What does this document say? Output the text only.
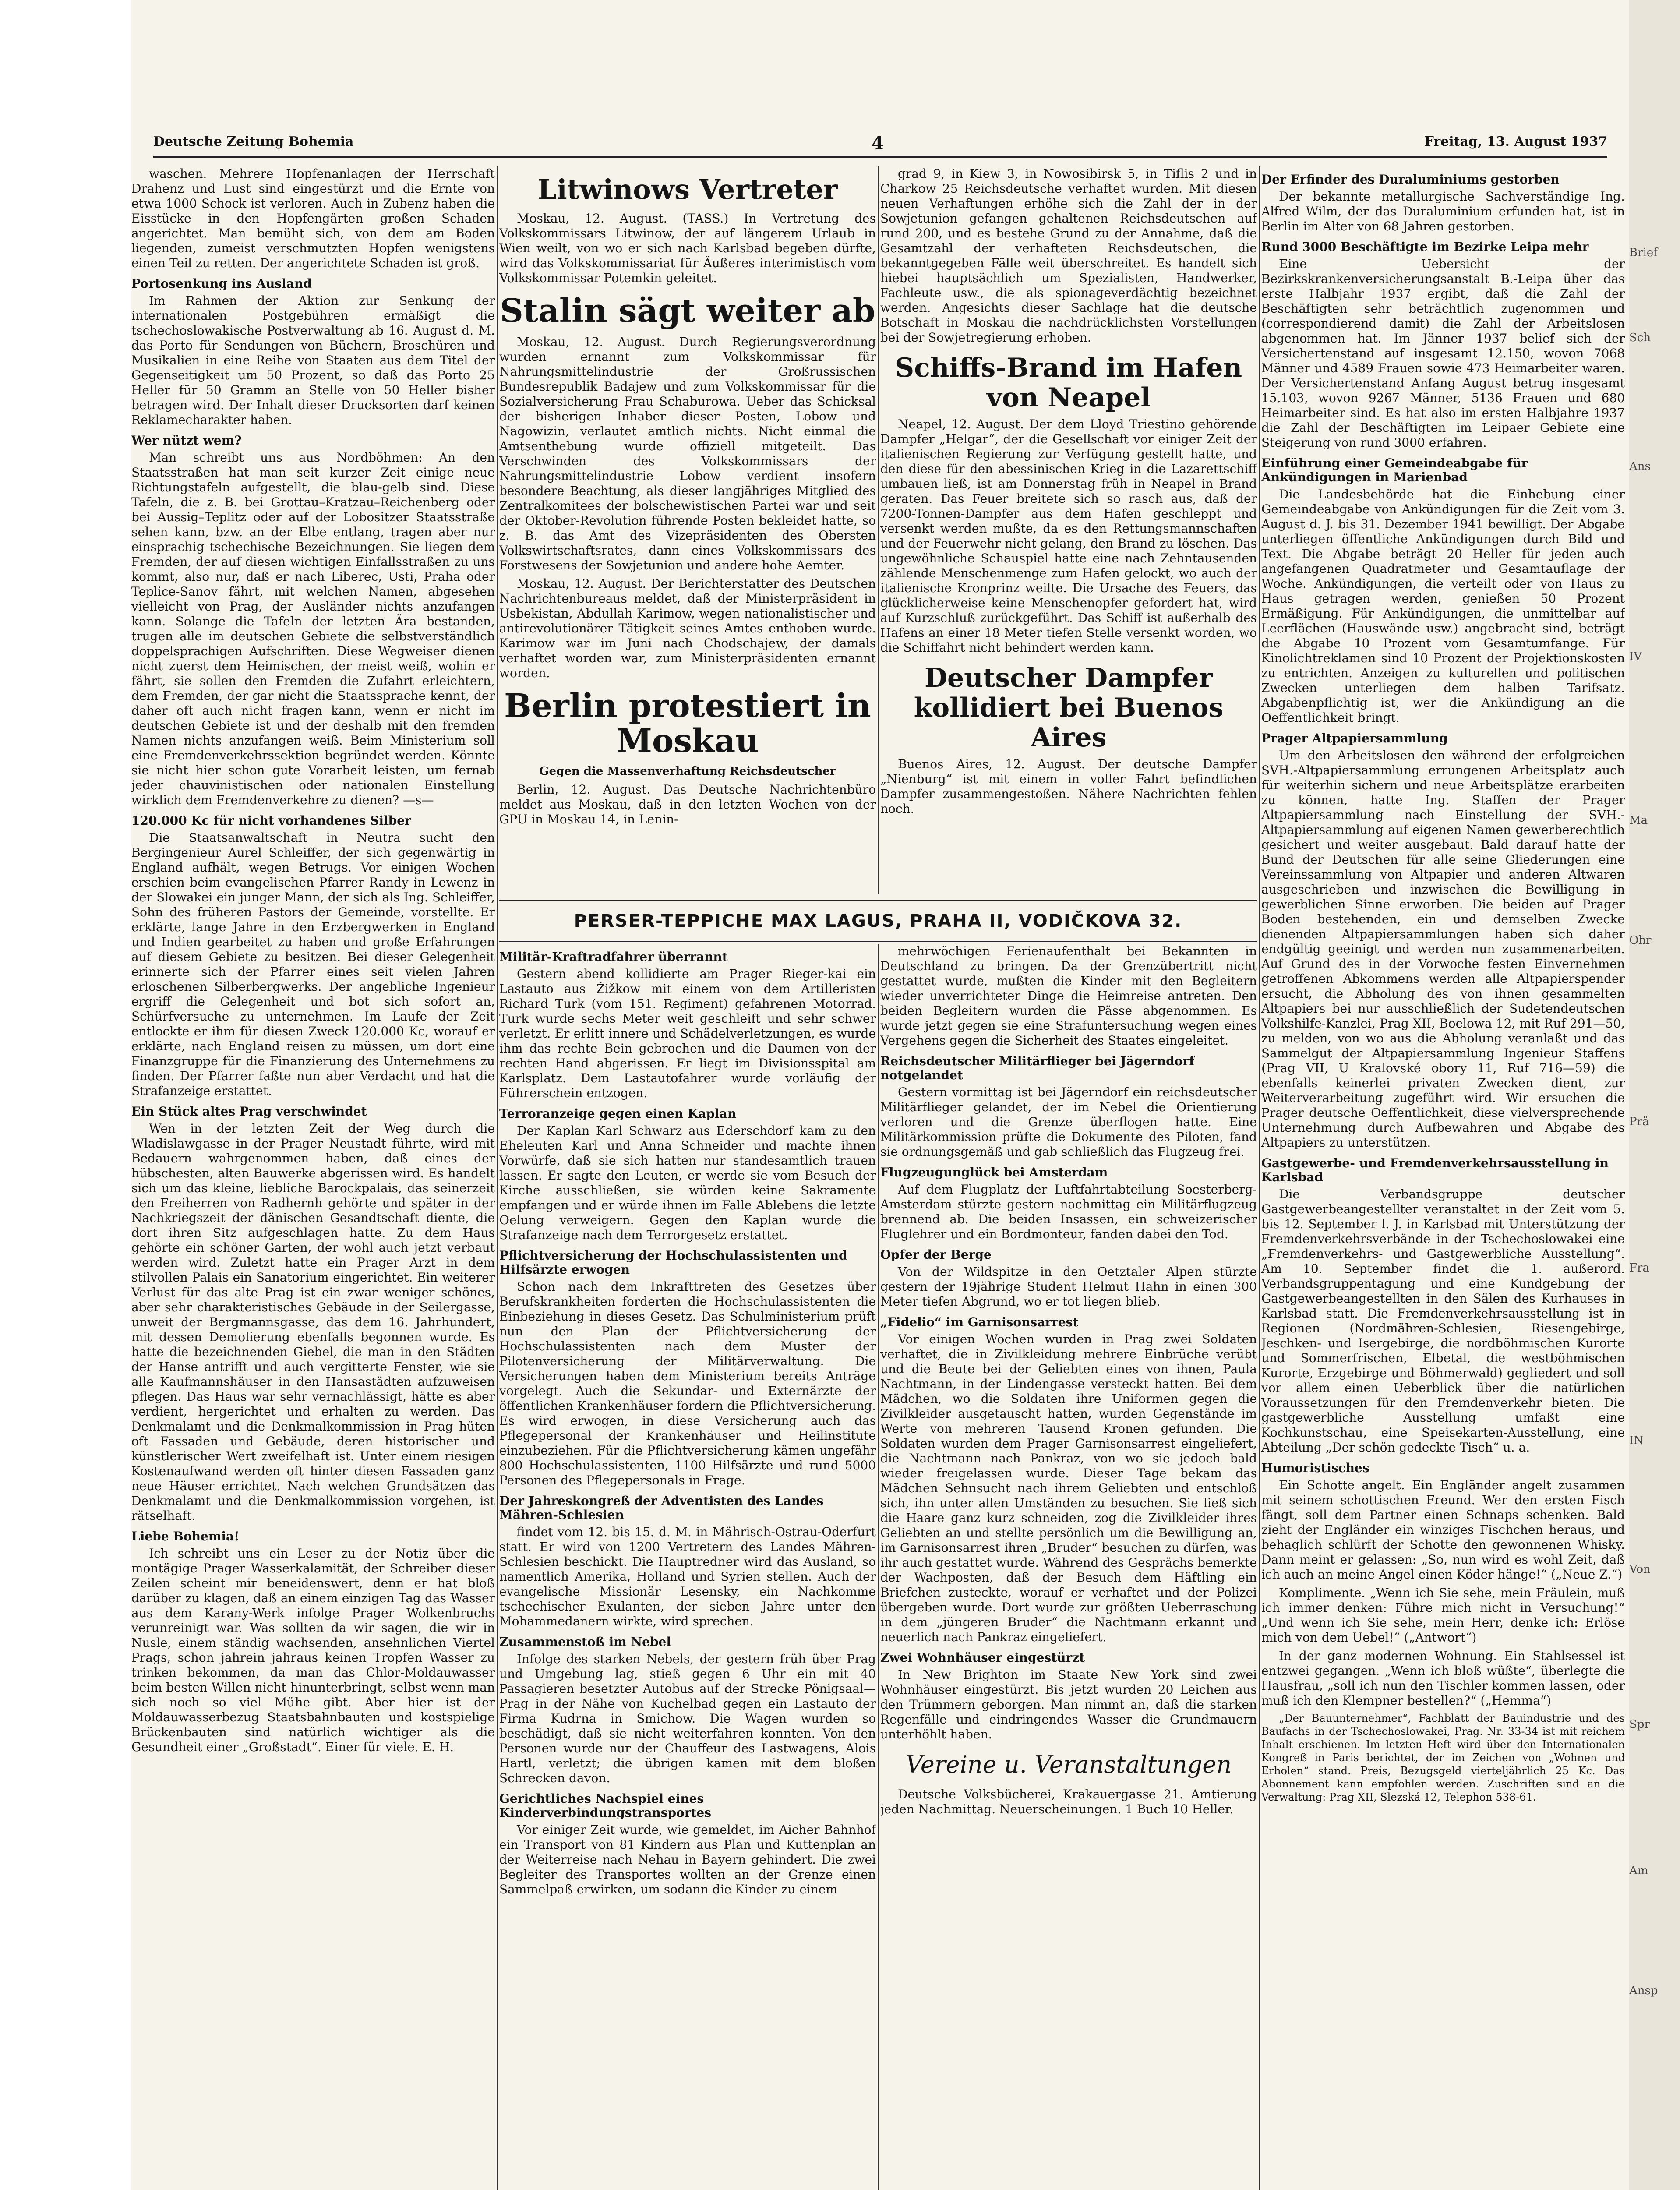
Deutsche Zeitung Bohemia	4	Freitag, 13. August 1937

waschen. Mehrere Hopfenanlagen der Herrschaft Drahenz und Lust sind eingestürzt und die Ernte von etwa 1000 Schock ist verloren. Auch in Zubenz haben die Eisstücke in den Hopfengärten großen Schaden angerichtet. Man bemüht sich, von dem am Boden liegenden, zumeist verschmutzten Hopfen wenigstens einen Teil zu retten. Der angerichtete Schaden ist groß.

Portosenkung ins Ausland

Im Rahmen der Aktion zur Senkung der internationalen Postgebühren ermäßigt die tschechoslowakische Postverwaltung ab 16. August d. M. das Porto für Sendungen von Büchern, Broschüren und Musikalien in eine Reihe von Staaten aus dem Titel der Gegenseitigkeit um 50 Prozent, so daß das Porto 25 Heller für 50 Gramm an Stelle von 50 Heller bisher betragen wird. Der Inhalt dieser Drucksorten darf keinen Reklamecharakter haben.

Wer nützt wem?

Man schreibt uns aus Nordböhmen: An den Staatsstraßen hat man seit kurzer Zeit einige neue Richtungstafeln aufgestellt, die blau-gelb sind. Diese Tafeln, die z. B. bei Grottau–Kratzau–Reichenberg oder bei Aussig–Teplitz oder auf der Lobositzer Staatsstraße sehen kann, bzw. an der Elbe entlang, tragen aber nur einsprachig tschechische Bezeichnungen. Sie liegen dem Fremden, der auf diesen wichtigen Einfallsstraßen zu uns kommt, also nur, daß er nach Liberec, Usti, Praha oder Teplice-Sanov fährt, mit welchen Namen, abgesehen vielleicht von Prag, der Ausländer nichts anzufangen kann. Solange die Tafeln der letzten Ära bestanden, trugen alle im deutschen Gebiete die selbstverständlich doppelsprachigen Aufschriften. Diese Wegweiser dienen nicht zuerst dem Heimischen, der meist weiß, wohin er fährt, sie sollen den Fremden die Zufahrt erleichtern, dem Fremden, der gar nicht die Staatssprache kennt, der daher oft auch nicht fragen kann, wenn er nicht im deutschen Gebiete ist und der deshalb mit den fremden Namen nichts anzufangen weiß. Beim Ministerium soll eine Fremdenverkehrssektion begründet werden. Könnte sie nicht hier schon gute Vorarbeit leisten, um fernab jeder chauvinistischen oder nationalen Einstellung wirklich dem Fremdenverkehre zu dienen? —s—

120.000 Kc für nicht vorhandenes Silber

Die Staatsanwaltschaft in Neutra sucht den Bergingenieur Aurel Schleiffer, der sich gegenwärtig in England aufhält, wegen Betrugs. Vor einigen Wochen erschien beim evangelischen Pfarrer Randy in Lewenz in der Slowakei ein junger Mann, der sich als Ing. Schleiffer, Sohn des früheren Pastors der Gemeinde, vorstellte. Er erklärte, lange Jahre in den Erzbergwerken in England und Indien gearbeitet zu haben und große Erfahrungen auf diesem Gebiete zu besitzen. Bei dieser Gelegenheit erinnerte sich der Pfarrer eines seit vielen Jahren erloschenen Silberbergwerks. Der angebliche Ingenieur ergriff die Gelegenheit und bot sich sofort an, Schürfversuche zu unternehmen. Im Laufe der Zeit entlockte er ihm für diesen Zweck 120.000 Kc, worauf er erklärte, nach England reisen zu müssen, um dort eine Finanzgruppe für die Finanzierung des Unternehmens zu finden. Der Pfarrer faßte nun aber Verdacht und hat die Strafanzeige erstattet.

Ein Stück altes Prag verschwindet

Wen in der letzten Zeit der Weg durch die Wladislawgasse in der Prager Neustadt führte, wird mit Bedauern wahrgenommen haben, daß eines der hübschesten, alten Bauwerke abgerissen wird. Es handelt sich um das kleine, liebliche Barockpalais, das seinerzeit den Freiherren von Radhernh gehörte und später in der Nachkriegszeit der dänischen Gesandtschaft diente, die dort ihren Sitz aufgeschlagen hatte. Zu dem Haus gehörte ein schöner Garten, der wohl auch jetzt verbaut werden wird. Zuletzt hatte ein Prager Arzt in dem stilvollen Palais ein Sanatorium eingerichtet. Ein weiterer Verlust für das alte Prag ist ein zwar weniger schönes, aber sehr charakteristisches Gebäude in der Seilergasse, unweit der Bergmannsgasse, das dem 16. Jahrhundert, mit dessen Demolierung ebenfalls begonnen wurde. Es hatte die bezeichnenden Giebel, die man in den Städten der Hanse antrifft und auch vergitterte Fenster, wie sie alle Kaufmannshäuser in den Hansastädten aufzuweisen pflegen. Das Haus war sehr vernachlässigt, hätte es aber verdient, hergerichtet und erhalten zu werden. Das Denkmalamt und die Denkmalkommission in Prag hüten oft Fassaden und Gebäude, deren historischer und künstlerischer Wert zweifelhaft ist. Unter einem riesigen Kostenaufwand werden oft hinter diesen Fassaden ganz neue Häuser errichtet. Nach welchen Grundsätzen das Denkmalamt und die Denkmalkommission vorgehen, ist rätselhaft.

Liebe Bohemia!

Ich schreibt uns ein Leser zu der Notiz über die montägige Prager Wasserkalamität, der Schreiber dieser Zeilen scheint mir beneidenswert, denn er hat bloß darüber zu klagen, daß an einem einzigen Tag das Wasser aus dem Karany-Werk infolge Prager Wolkenbruchs verunreinigt war. Was sollten da wir sagen, die wir in Nusle, einem ständig wachsenden, ansehnlichen Viertel Prags, schon jahrein jahraus keinen Tropfen Wasser zu trinken bekommen, da man das Chlor-Moldauwasser beim besten Willen nicht hinunterbringt, selbst wenn man sich noch so viel Mühe gibt. Aber hier ist der Moldauwasserbezug Staatsbahnbauten und kostspielige Brückenbauten sind natürlich wichtiger als die Gesundheit einer „Großstadt“. Einer für viele. E. H.

Litwinows Vertreter

Moskau, 12. August. (TASS.) In Vertretung des Volkskommissars Litwinow, der auf längerem Urlaub in Wien weilt, von wo er sich nach Karlsbad begeben dürfte, wird das Volkskommissariat für Äußeres interimistisch vom Volkskommissar Potemkin geleitet.

Stalin sägt weiter ab

Moskau, 12. August. Durch Regierungsverordnung wurden ernannt zum Volkskommissar für Nahrungsmittelindustrie der Großrussischen Bundesrepublik Badajew und zum Volkskommissar für die Sozialversicherung Frau Schaburowa. Ueber das Schicksal der bisherigen Inhaber dieser Posten, Lobow und Nagowizin, verlautet amtlich nichts. Nicht einmal die Amtsenthebung wurde offiziell mitgeteilt. Das Verschwinden des Volkskommissars der Nahrungsmittelindustrie Lobow verdient insofern besondere Beachtung, als dieser langjähriges Mitglied des Zentralkomitees der bolschewistischen Partei war und seit der Oktober-Revolution führende Posten bekleidet hatte, so z. B. das Amt des Vizepräsidenten des Obersten Volkswirtschaftsrates, dann eines Volkskommissars des Forstwesens der Sowjetunion und andere hohe Aemter.

Moskau, 12. August. Der Berichterstatter des Deutschen Nachrichtenbureaus meldet, daß der Ministerpräsident in Usbekistan, Abdullah Karimow, wegen nationalistischer und antirevolutionärer Tätigkeit seines Amtes enthoben wurde. Karimow war im Juni nach Chodschajew, der damals verhaftet worden war, zum Ministerpräsidenten ernannt worden.

Berlin protestiert in Moskau
Gegen die Massenverhaftung Reichsdeutscher

Berlin, 12. August. Das Deutsche Nachrichtenbüro meldet aus Moskau, daß in den letzten Wochen von der GPU in Moskau 14, in Lenin-

grad 9, in Kiew 3, in Nowosibirsk 5, in Tiflis 2 und in Charkow 25 Reichsdeutsche verhaftet wurden. Mit diesen neuen Verhaftungen erhöhe sich die Zahl der in der Sowjetunion gefangen gehaltenen Reichsdeutschen auf rund 200, und es bestehe Grund zu der Annahme, daß die Gesamtzahl der verhafteten Reichsdeutschen, die bekanntgegeben Fälle weit überschreitet. Es handelt sich hiebei hauptsächlich um Spezialisten, Handwerker, Fachleute usw., die als spionageverdächtig bezeichnet werden. Angesichts dieser Sachlage hat die deutsche Botschaft in Moskau die nachdrücklichsten Vorstellungen bei der Sowjetregierung erhoben.

Schiffs-Brand im Hafen von Neapel

Neapel, 12. August. Der dem Lloyd Triestino gehörende Dampfer „Helgar“, der die Gesellschaft vor einiger Zeit der italienischen Regierung zur Verfügung gestellt hatte, und den diese für den abessinischen Krieg in die Lazarettschiff umbauen ließ, ist am Donnerstag früh in Neapel in Brand geraten. Das Feuer breitete sich so rasch aus, daß der 7200-Tonnen-Dampfer aus dem Hafen geschleppt und versenkt werden mußte, da es den Rettungsmannschaften und der Feuerwehr nicht gelang, den Brand zu löschen. Das ungewöhnliche Schauspiel hatte eine nach Zehntausenden zählende Menschenmenge zum Hafen gelockt, wo auch der italienische Kronprinz weilte. Die Ursache des Feuers, das glücklicherweise keine Menschenopfer gefordert hat, wird auf Kurzschluß zurückgeführt. Das Schiff ist außerhalb des Hafens an einer 18 Meter tiefen Stelle versenkt worden, wo die Schiffahrt nicht behindert werden kann.

Deutscher Dampfer kollidiert bei Buenos Aires

Buenos Aires, 12. August. Der deutsche Dampfer „Nienburg“ ist mit einem in voller Fahrt befindlichen Dampfer zusammengestoßen. Nähere Nachrichten fehlen noch.

PERSER-TEPPICHE MAX LAGUS, PRAHA II, VODIČKOVA 32.
Militär-Kraftradfahrer überrannt

Gestern abend kollidierte am Prager Rieger-kai ein Lastauto aus Žižkow mit einem von dem Artilleristen Richard Turk (vom 151. Regiment) gefahrenen Motorrad. Turk wurde sechs Meter weit geschleift und sehr schwer verletzt. Er erlitt innere und Schädelverletzungen, es wurde ihm das rechte Bein gebrochen und die Daumen von der rechten Hand abgerissen. Er liegt im Divisionsspital am Karlsplatz. Dem Lastautofahrer wurde vorläufig der Führerschein entzogen.

Terroranzeige gegen einen Kaplan

Der Kaplan Karl Schwarz aus Ederschdorf kam zu den Eheleuten Karl und Anna Schneider und machte ihnen Vorwürfe, daß sie sich hatten nur standesamtlich trauen lassen. Er sagte den Leuten, er werde sie vom Besuch der Kirche ausschließen, sie würden keine Sakramente empfangen und er würde ihnen im Falle Ablebens die letzte Oelung verweigern. Gegen den Kaplan wurde die Strafanzeige nach dem Terrorgesetz erstattet.

Pflichtversicherung der Hochschulassistenten und Hilfsärzte erwogen

Schon nach dem Inkrafttreten des Gesetzes über Berufskrankheiten forderten die Hochschulassistenten die Einbeziehung in dieses Gesetz. Das Schulministerium prüft nun den Plan der Pflichtversicherung der Hochschulassistenten nach dem Muster der Pilotenversicherung der Militärverwaltung. Die Versicherungen haben dem Ministerium bereits Anträge vorgelegt. Auch die Sekundar- und Externärzte der öffentlichen Krankenhäuser fordern die Pflichtversicherung. Es wird erwogen, in diese Versicherung auch das Pflegepersonal der Krankenhäuser und Heilinstitute einzubeziehen. Für die Pflichtversicherung kämen ungefähr 800 Hochschulassistenten, 1100 Hilfsärzte und rund 5000 Personen des Pflegepersonals in Frage.

Der Jahreskongreß der Adventisten des Landes Mähren-Schlesien

findet vom 12. bis 15. d. M. in Mährisch-Ostrau-Oderfurt statt. Er wird von 1200 Vertretern des Landes Mähren-Schlesien beschickt. Die Hauptredner wird das Ausland, so namentlich Amerika, Holland und Syrien stellen. Auch der evangelische Missionär Lesensky, ein Nachkomme tschechischer Exulanten, der sieben Jahre unter den Mohammedanern wirkte, wird sprechen.

Zusammenstoß im Nebel

Infolge des starken Nebels, der gestern früh über Prag und Umgebung lag, stieß gegen 6 Uhr ein mit 40 Passagieren besetzter Autobus auf der Strecke Pönigsaal—Prag in der Nähe von Kuchelbad gegen ein Lastauto der Firma Kudrna in Smichow. Die Wagen wurden so beschädigt, daß sie nicht weiterfahren konnten. Von den Personen wurde nur der Chauffeur des Lastwagens, Alois Hartl, verletzt; die übrigen kamen mit dem bloßen Schrecken davon.

Gerichtliches Nachspiel eines Kinderverbindungstransportes

Vor einiger Zeit wurde, wie gemeldet, im Aicher Bahnhof ein Transport von 81 Kindern aus Plan und Kuttenplan an der Weiterreise nach Nehau in Bayern gehindert. Die zwei Begleiter des Transportes wollten an der Grenze einen Sammelpaß erwirken, um sodann die Kinder zu einem

mehrwöchigen Ferienaufenthalt bei Bekannten in Deutschland zu bringen. Da der Grenzübertritt nicht gestattet wurde, mußten die Kinder mit den Begleitern wieder unverrichteter Dinge die Heimreise antreten. Den beiden Begleitern wurden die Pässe abgenommen. Es wurde jetzt gegen sie eine Strafuntersuchung wegen eines Vergehens gegen die Sicherheit des Staates eingeleitet.

Reichsdeutscher Militärflieger bei Jägerndorf notgelandet

Gestern vormittag ist bei Jägerndorf ein reichsdeutscher Militärflieger gelandet, der im Nebel die Orientierung verloren und die Grenze überflogen hatte. Eine Militärkommission prüfte die Dokumente des Piloten, fand sie ordnungsgemäß und gab schließlich das Flugzeug frei.

Flugzeugunglück bei Amsterdam

Auf dem Flugplatz der Luftfahrtabteilung Soesterberg-Amsterdam stürzte gestern nachmittag ein Militärflugzeug brennend ab. Die beiden Insassen, ein schweizerischer Fluglehrer und ein Bordmonteur, fanden dabei den Tod.

Opfer der Berge

Von der Wildspitze in den Oetztaler Alpen stürzte gestern der 19jährige Student Helmut Hahn in einen 300 Meter tiefen Abgrund, wo er tot liegen blieb.

„Fidelio“ im Garnisonsarrest

Vor einigen Wochen wurden in Prag zwei Soldaten verhaftet, die in Zivilkleidung mehrere Einbrüche verübt und die Beute bei der Geliebten eines von ihnen, Paula Nachtmann, in der Lindengasse versteckt hatten. Bei dem Mädchen, wo die Soldaten ihre Uniformen gegen die Zivilkleider ausgetauscht hatten, wurden Gegenstände im Werte von mehreren Tausend Kronen gefunden. Die Soldaten wurden dem Prager Garnisonsarrest eingeliefert, die Nachtmann nach Pankraz, von wo sie jedoch bald wieder freigelassen wurde. Dieser Tage bekam das Mädchen Sehnsucht nach ihrem Geliebten und entschloß sich, ihn unter allen Umständen zu besuchen. Sie ließ sich die Haare ganz kurz schneiden, zog die Zivilkleider ihres Geliebten an und stellte persönlich um die Bewilligung an, im Garnisonsarrest ihren „Bruder“ besuchen zu dürfen, was ihr auch gestattet wurde. Während des Gesprächs bemerkte der Wachposten, daß der Besuch dem Häftling ein Briefchen zusteckte, worauf er verhaftet und der Polizei übergeben wurde. Dort wurde zur größten Ueberraschung in dem „jüngeren Bruder“ die Nachtmann erkannt und neuerlich nach Pankraz eingeliefert.

Zwei Wohnhäuser eingestürzt

In New Brighton im Staate New York sind zwei Wohnhäuser eingestürzt. Bis jetzt wurden 20 Leichen aus den Trümmern geborgen. Man nimmt an, daß die starken Regenfälle und eindringendes Wasser die Grundmauern unterhöhlt haben.

Vereine u. Veranstaltungen

Deutsche Volksbücherei, Krakauergasse 21. Amtierung jeden Nachmittag. Neuerscheinungen. 1 Buch 10 Heller.

Der Erfinder des Duraluminiums gestorben

Der bekannte metallurgische Sachverständige Ing. Alfred Wilm, der das Duraluminium erfunden hat, ist in Berlin im Alter von 68 Jahren gestorben.

Rund 3000 Beschäftigte im Bezirke Leipa mehr

Eine Uebersicht der Bezirkskrankenversicherungsanstalt B.-Leipa über das erste Halbjahr 1937 ergibt, daß die Zahl der Beschäftigten sehr beträchtlich zugenommen und (correspondierend damit) die Zahl der Arbeitslosen abgenommen hat. Im Jänner 1937 belief sich der Versichertenstand auf insgesamt 12.150, wovon 7068 Männer und 4589 Frauen sowie 473 Heimarbeiter waren. Der Versichertenstand Anfang August betrug insgesamt 15.103, wovon 9267 Männer, 5136 Frauen und 680 Heimarbeiter sind. Es hat also im ersten Halbjahre 1937 die Zahl der Beschäftigten im Leipaer Gebiete eine Steigerung von rund 3000 erfahren.

Einführung einer Gemeindeabgabe für Ankündigungen in Marienbad

Die Landesbehörde hat die Einhebung einer Gemeindeabgabe von Ankündigungen für die Zeit vom 3. August d. J. bis 31. Dezember 1941 bewilligt. Der Abgabe unterliegen öffentliche Ankündigungen durch Bild und Text. Die Abgabe beträgt 20 Heller für jeden auch angefangenen Quadratmeter und Gesamtauflage der Woche. Ankündigungen, die verteilt oder von Haus zu Haus getragen werden, genießen 50 Prozent Ermäßigung. Für Ankündigungen, die unmittelbar auf Leerflächen (Hauswände usw.) angebracht sind, beträgt die Abgabe 10 Prozent vom Gesamtumfange. Für Kinolichtreklamen sind 10 Prozent der Projektionskosten zu entrichten. Anzeigen zu kulturellen und politischen Zwecken unterliegen dem halben Tarifsatz. Abgabenpflichtig ist, wer die Ankündigung an die Oeffentlichkeit bringt.

Prager Altpapiersammlung

Um den Arbeitslosen den während der erfolgreichen SVH.-Altpapiersammlung errungenen Arbeitsplatz auch für weiterhin sichern und neue Arbeitsplätze erarbeiten zu können, hatte Ing. Staffen der Prager Altpapiersammlung nach Einstellung der SVH.-Altpapiersammlung auf eigenen Namen gewerberechtlich gesichert und weiter ausgebaut. Bald darauf hatte der Bund der Deutschen für alle seine Gliederungen eine Vereinssammlung von Altpapier und anderen Altwaren ausgeschrieben und inzwischen die Bewilligung in gewerblichen Sinne erworben. Die beiden auf Prager Boden bestehenden, ein und demselben Zwecke dienenden Altpapiersammlungen haben sich daher endgültig geeinigt und werden nun zusammenarbeiten. Auf Grund des in der Vorwoche festen Einvernehmen getroffenen Abkommens werden alle Altpapierspender ersucht, die Abholung des von ihnen gesammelten Altpapiers bei nur ausschließlich der Sudetendeutschen Volkshilfe-Kanzlei, Prag XII, Boelowa 12, mit Ruf 291—50, zu melden, von wo aus die Abholung veranlaßt und das Sammelgut der Altpapiersammlung Ingenieur Staffens (Prag VII, U Kralovské obory 11, Ruf 716—59) die ebenfalls keinerlei privaten Zwecken dient, zur Weiterverarbeitung zugeführt wird. Wir ersuchen die Prager deutsche Oeffentlichkeit, diese vielversprechende Unternehmung durch Aufbewahren und Abgabe des Altpapiers zu unterstützen.

Gastgewerbe- und Fremdenverkehrsausstellung in Karlsbad

Die Verbandsgruppe deutscher Gastgewerbeangestellter veranstaltet in der Zeit vom 5. bis 12. September l. J. in Karlsbad mit Unterstützung der Fremdenverkehrsverbände in der Tschechoslowakei eine „Fremdenverkehrs- und Gastgewerbliche Ausstellung“. Am 10. September findet die 1. außerord. Verbandsgruppentagung und eine Kundgebung der Gastgewerbeangestellten in den Sälen des Kurhauses in Karlsbad statt. Die Fremdenverkehrsausstellung ist in Regionen (Nordmähren-Schlesien, Riesengebirge, Jeschken- und Isergebirge, die nordböhmischen Kurorte und Sommerfrischen, Elbetal, die westböhmischen Kurorte, Erzgebirge und Böhmerwald) gegliedert und soll vor allem einen Ueberblick über die natürlichen Voraussetzungen für den Fremdenverkehr bieten. Die gastgewerbliche Ausstellung umfaßt eine Kochkunstschau, eine Speisekarten-Ausstellung, eine Abteilung „Der schön gedeckte Tisch“ u. a.

Humoristisches

Ein Schotte angelt. Ein Engländer angelt zusammen mit seinem schottischen Freund. Wer den ersten Fisch fängt, soll dem Partner einen Schnaps schenken. Bald zieht der Engländer ein winziges Fischchen heraus, und behaglich schlürft der Schotte den gewonnenen Whisky. Dann meint er gelassen: „So, nun wird es wohl Zeit, daß ich auch an meine Angel einen Köder hänge!“ („Neue Z.“)

Komplimente. „Wenn ich Sie sehe, mein Fräulein, muß ich immer denken: Führe mich nicht in Versuchung!“ „Und wenn ich Sie sehe, mein Herr, denke ich: Erlöse mich von dem Uebel!“ („Antwort“)

In der ganz modernen Wohnung. Ein Stahlsessel ist entzwei gegangen. „Wenn ich bloß wüßte“, überlegte die Hausfrau, „soll ich nun den Tischler kommen lassen, oder muß ich den Klempner bestellen?“ („Hemma“)

„Der Bauunternehmer“, Fachblatt der Bauindustrie und des Baufachs in der Tschechoslowakei, Prag. Nr. 33-34 ist mit reichem Inhalt erschienen. Im letzten Heft wird über den Internationalen Kongreß in Paris berichtet, der im Zeichen von „Wohnen und Erholen“ stand. Preis, Bezugsgeld vierteljährlich 25 Kc. Das Abonnement kann empfohlen werden. Zuschriften sind an die Verwaltung: Prag XII, Slezská 12, Telephon 538-61.

Brief
Sch
Ans
IV
Ma
Ohr
Prä
Fra
IN
Von
Spr
Am
Ansp
